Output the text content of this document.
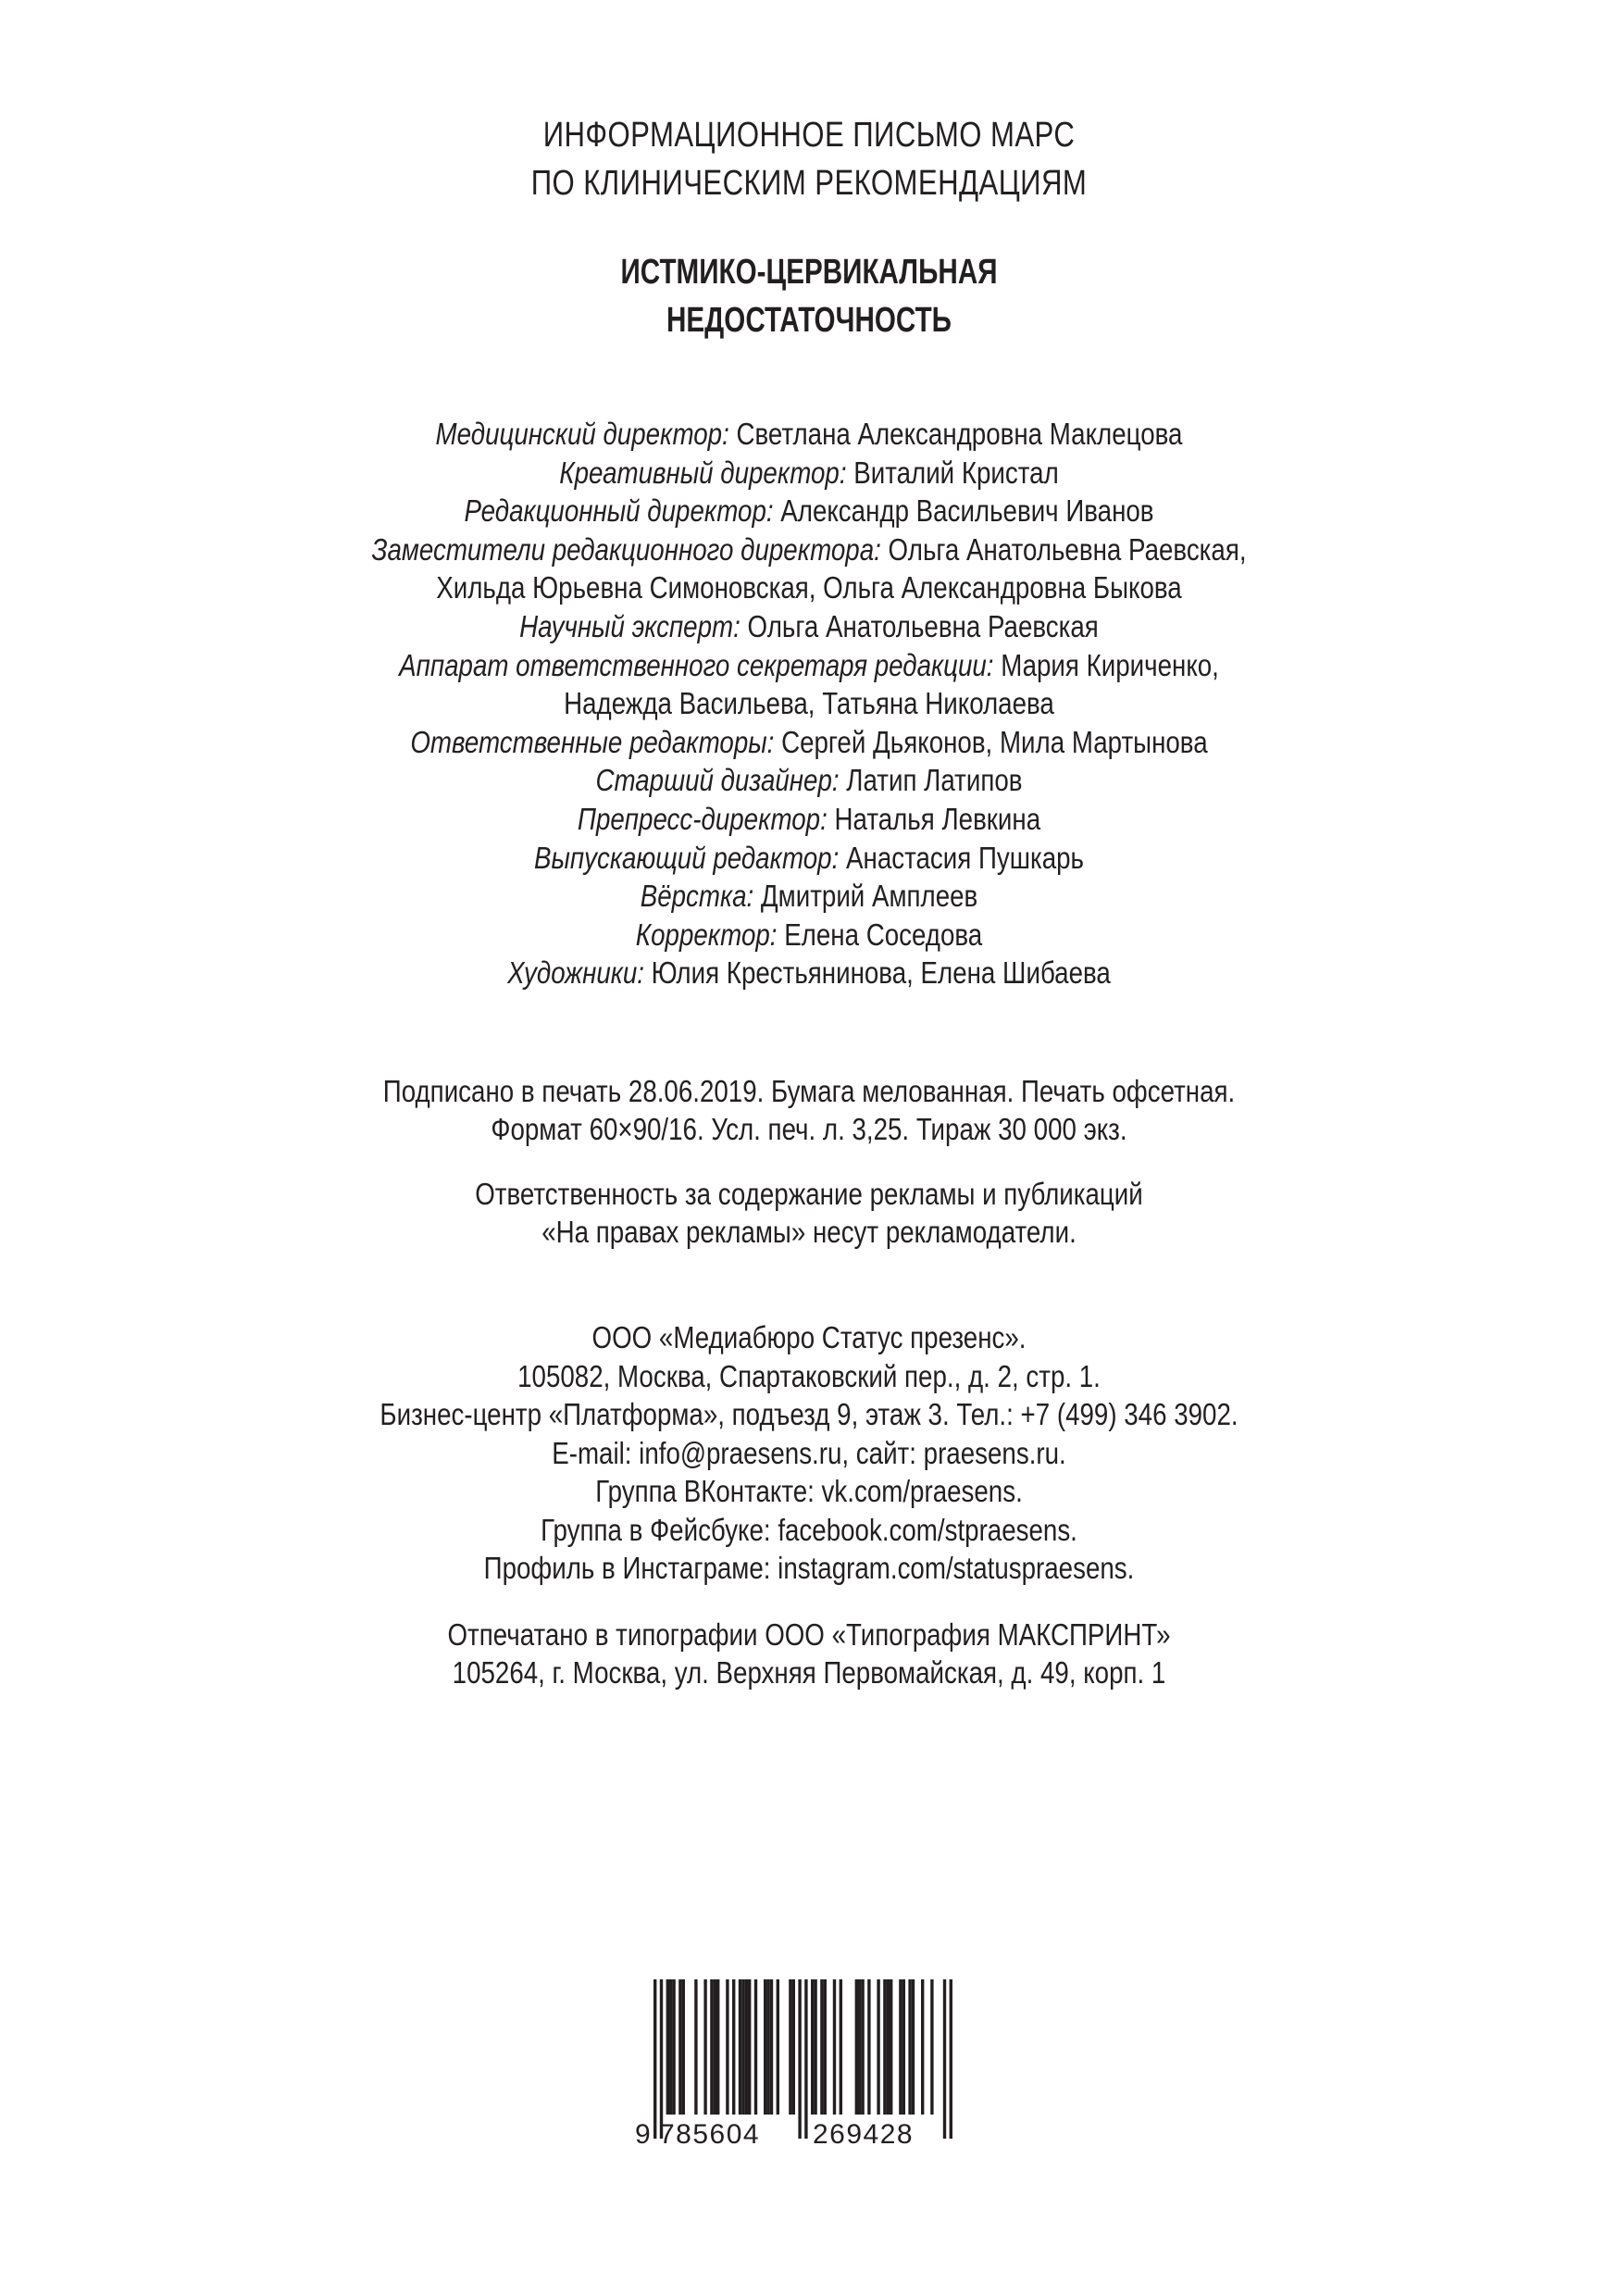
ИНФОРМАЦИОННОЕ ПИСЬМО МАРС
ПО КЛИНИЧЕСКИМ РЕКОМЕНДАЦИЯМ
ИСТМИКО-ЦЕРВИКАЛЬНАЯ
НЕДОСТАТОЧНОСТЬ
Медицинский директор: Светлана Александровна Маклецова
Креативный директор: Виталий Кристал
Редакционный директор: Александр Васильевич Иванов
Заместители редакционного директора: Ольга Анатольевна Раевская,
Хильда Юрьевна Симоновская, Ольга Александровна Быкова
Научный эксперт: Ольга Анатольевна Раевская
Аппарат ответственного секретаря редакции: Мария Кириченко,
Надежда Васильева, Татьяна Николаева
Ответственные редакторы: Сергей Дьяконов, Мила Мартынова
Старший дизайнер: Латип Латипов
Препресс-директор: Наталья Левкина
Выпускающий редактор: Анастасия Пушкарь
Вёрстка: Дмитрий Амплеев
Корректор: Елена Соседова
Художники: Юлия Крестьянинова, Елена Шибаева
Подписано в печать 28.06.2019. Бумага мелованная. Печать офсетная.
Формат 60×90/16. Усл. печ. л. 3,25. Тираж 30 000 экз.
Ответственность за содержание рекламы и публикаций
«На правах рекламы» несут рекламодатели.
ООО «Медиабюро Статус презенс».
105082, Москва, Спартаковский пер., д. 2, стр. 1.
Бизнес-центр «Платформа», подъезд 9, этаж 3. Тел.: +7 (499) 346 3902.
E-mail: info@praesens.ru, сайт: praesens.ru.
Группа ВКонтакте: vk.com/praesens.
Группа в Фейсбуке: facebook.com/stpraesens.
Профиль в Инстаграме: instagram.com/statuspraesens.
Отпечатано в типографии ООО «Типография МАКСПРИНТ»
105264, г. Москва, ул. Верхняя Первомайская, д. 49, корп. 1
9 785604 269428
